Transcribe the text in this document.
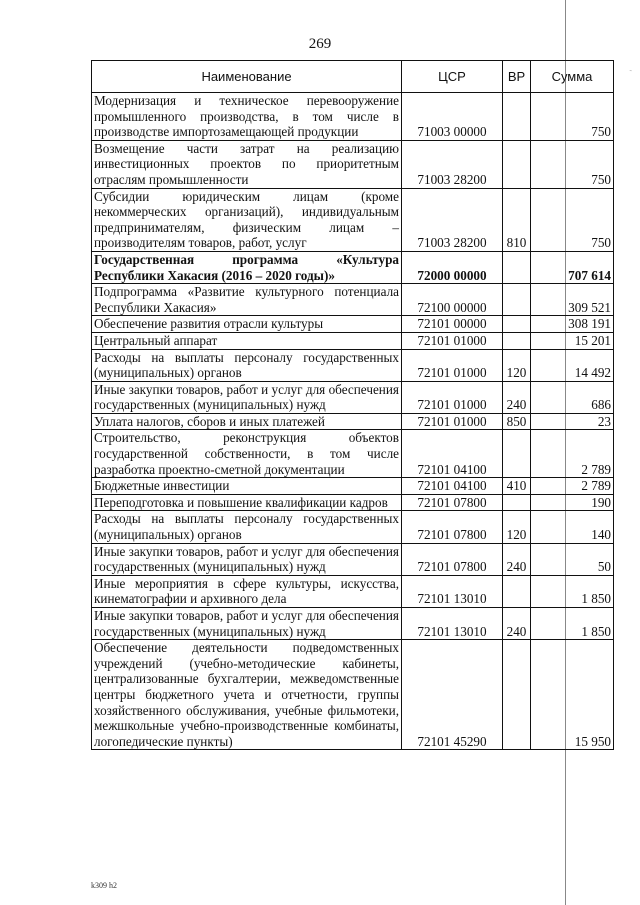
'
269
Наименование	ЦСР	ВР	Сумма
Модернизация и техническое перевооружение промышленного производства, в том числе в производстве импортозамещающей продукции	71003 00000		750
Возмещение части затрат на реализацию инвестиционных проектов по приоритетным отраслям промышленности	71003 28200		750
Субсидии юридическим лицам (кроме некоммерческих организаций), индивидуальным предпринимателям, физическим лицам – производителям товаров, работ, услуг	71003 28200	810	750
Государственная программа «Культура Республики Хакасия (2016 – 2020 годы)»	72000 00000		707 614
Подпрограмма «Развитие культурного потенциала Республики Хакасия»	72100 00000		309 521
Обеспечение развития отрасли культуры	72101 00000		308 191
Центральный аппарат	72101 01000		15 201
Расходы на выплаты персоналу государственных (муниципальных) органов	72101 01000	120	14 492
Иные закупки товаров, работ и услуг для обеспечения государственных (муниципальных) нужд	72101 01000	240	686
Уплата налогов, сборов и иных платежей	72101 01000	850	23
Строительство, реконструкция объектов государственной собственности, в том числе разработка проектно-сметной документации	72101 04100		2 789
Бюджетные инвестиции	72101 04100	410	2 789
Переподготовка и повышение квалификации кадров	72101 07800		190
Расходы на выплаты персоналу государственных (муниципальных) органов	72101 07800	120	140
Иные закупки товаров, работ и услуг для обеспечения государственных (муниципальных) нужд	72101 07800	240	50
Иные мероприятия в сфере культуры, искусства, кинематографии и архивного дела	72101 13010		1 850
Иные закупки товаров, работ и услуг для обеспечения государственных (муниципальных) нужд	72101 13010	240	1 850
Обеспечение деятельности подведомственных учреждений (учебно-методические кабинеты, централизованные бухгалтерии, межведомственные центры бюджетного учета и отчетности, группы хозяйственного обслуживания, учебные фильмотеки, межшкольные учебно-производственные комбинаты, логопедические пункты)	72101 45290		15 950
k309 h2
